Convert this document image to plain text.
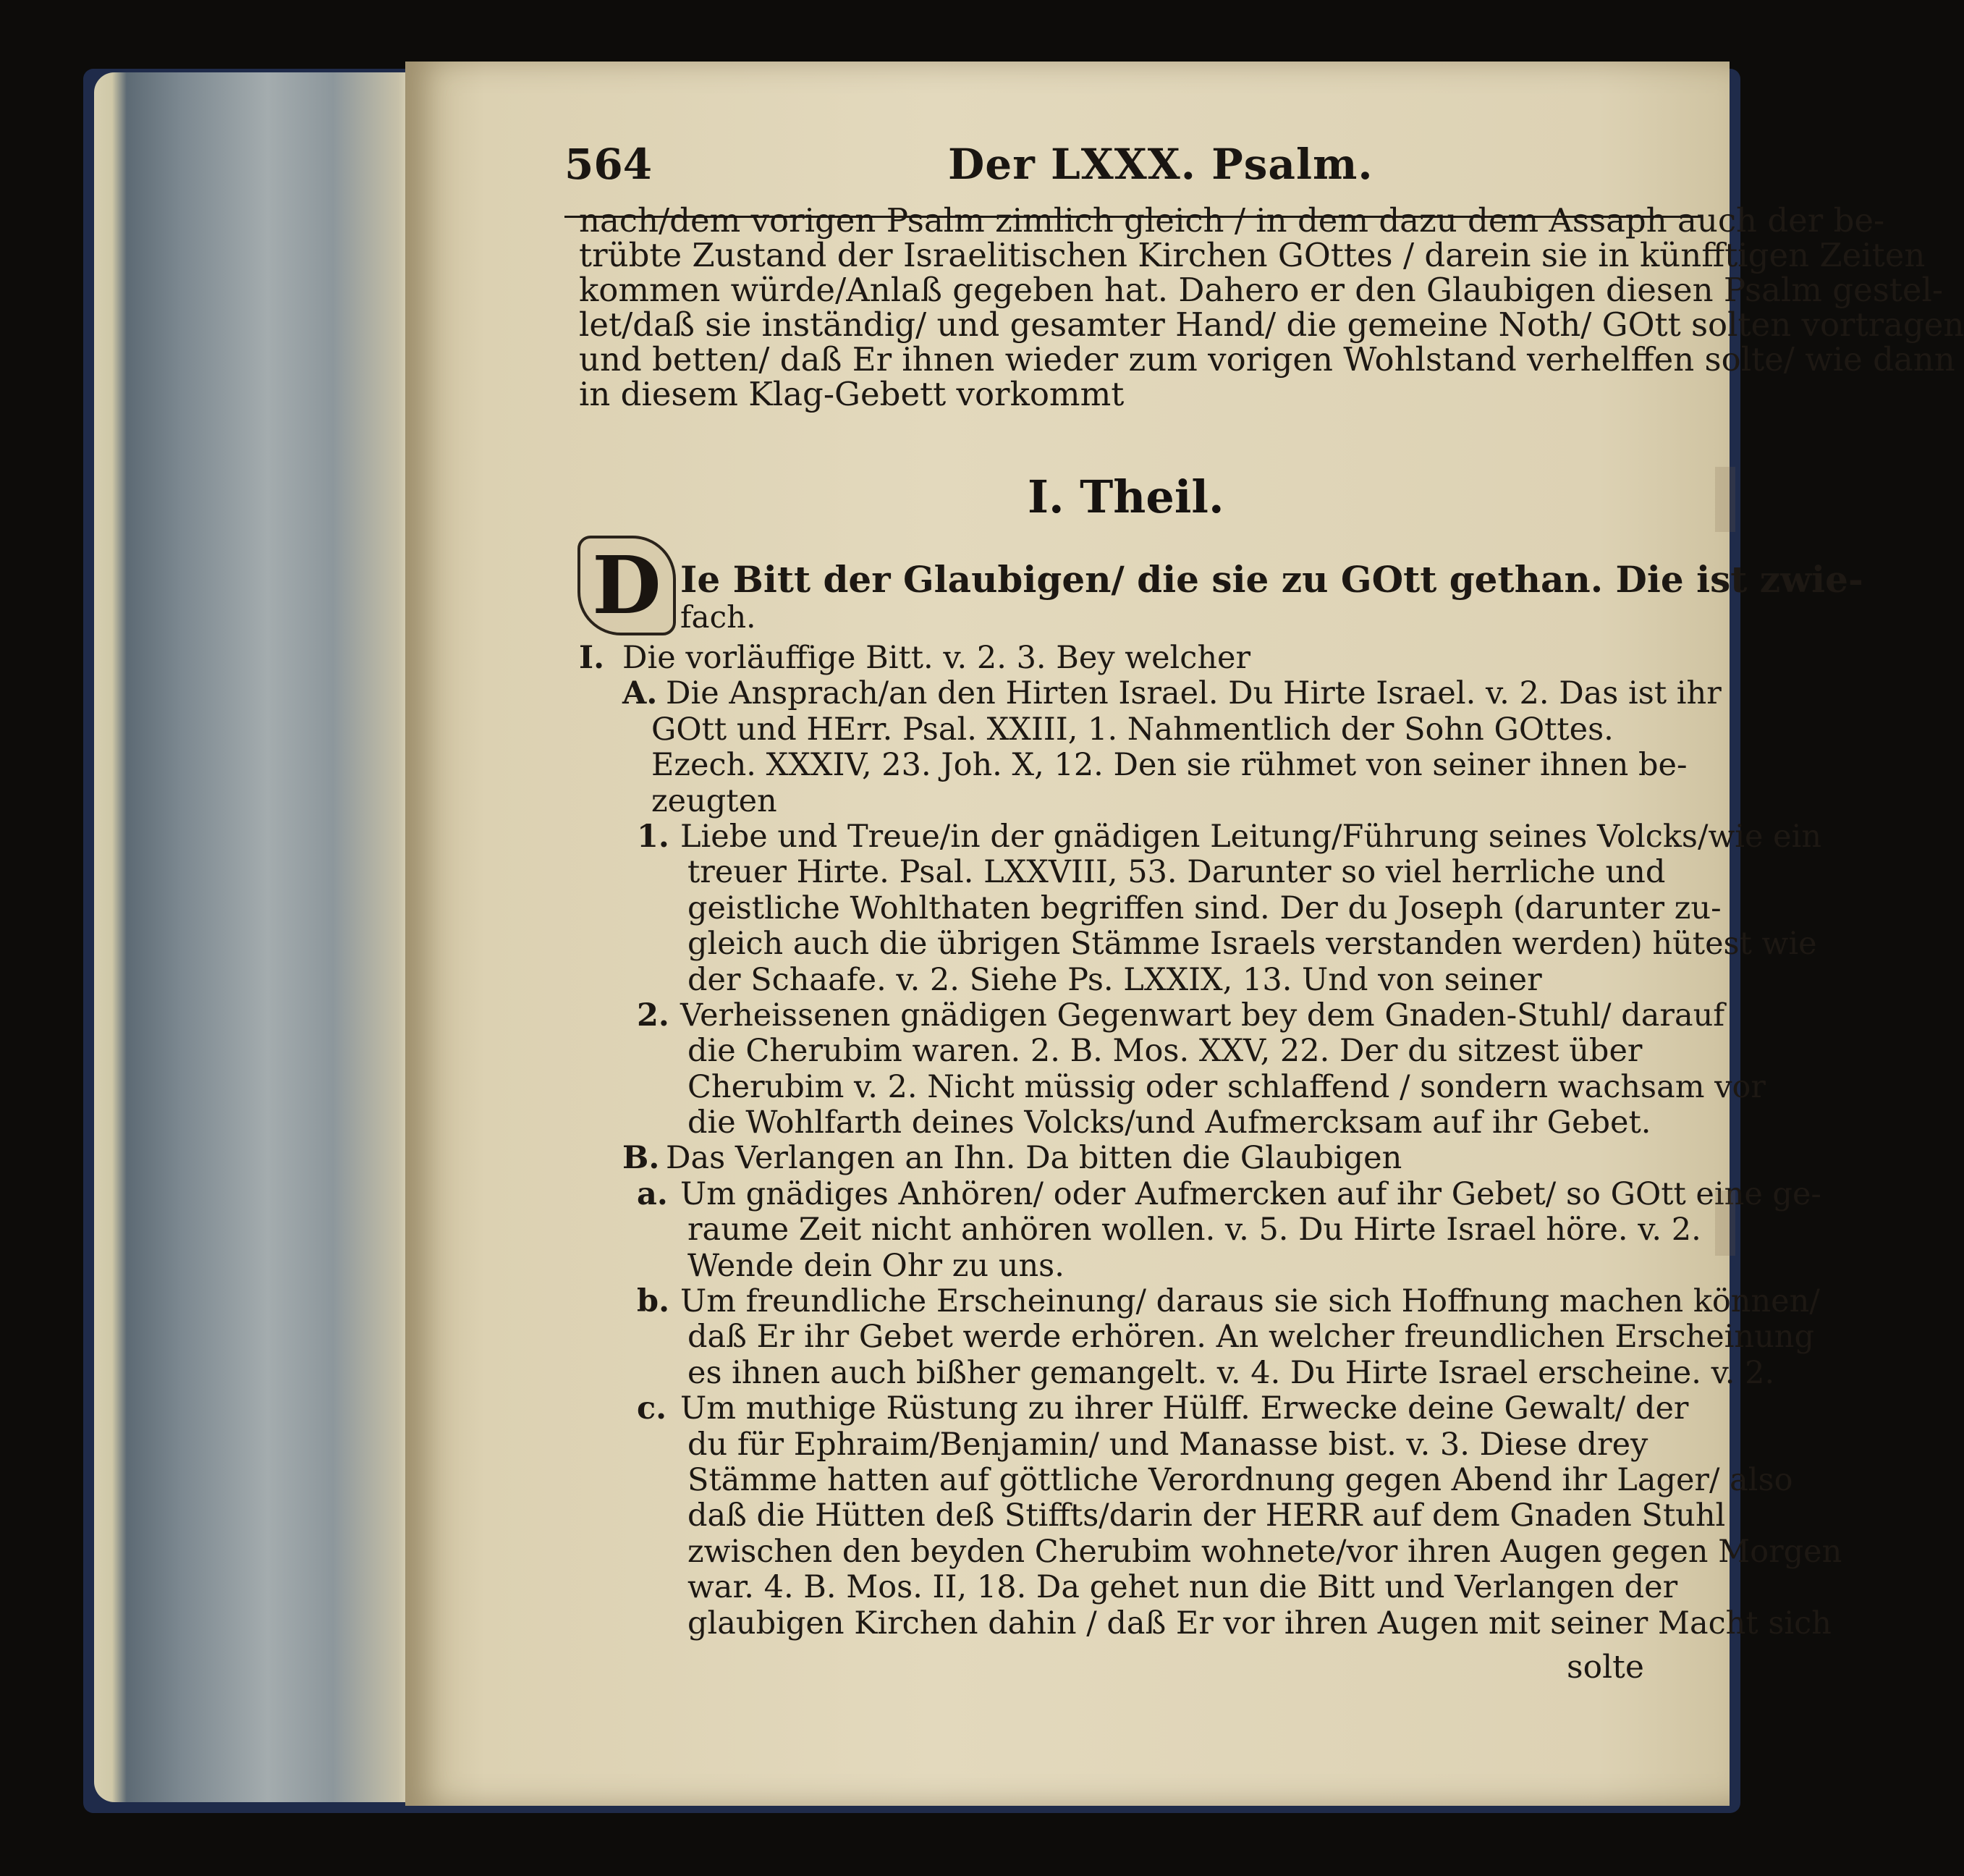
564	Der LXXX. Psalm.
nach/dem vorigen Psalm zimlich gleich / in dem dazu dem Assaph auch der be-
trübte Zustand der Israelitischen Kirchen GOttes / darein sie in künfftigen Zeiten
kommen würde/Anlaß gegeben hat. Dahero er den Glaubigen diesen Psalm gestel-
let/daß sie inständig/ und gesamter Hand/ die gemeine Noth/ GOtt solten vortragen
und betten/ daß Er ihnen wieder zum vorigen Wohlstand verhelffen solte/ wie dann
in diesem Klag-Gebett vorkommt
I. Theil.
D Ie Bitt der Glaubigen/ die sie zu GOtt gethan. Die ist zwie-
fach.
I. Die vorläuffige Bitt. v. 2. 3. Bey welcher
A. Die Ansprach/an den Hirten Israel. Du Hirte Israel. v. 2. Das ist ihr
GOtt und HErr. Psal. XXIII, 1. Nahmentlich der Sohn GOttes.
Ezech. XXXIV, 23. Joh. X, 12. Den sie rühmet von seiner ihnen be-
zeugten
1. Liebe und Treue/in der gnädigen Leitung/Führung seines Volcks/wie ein
treuer Hirte. Psal. LXXVIII, 53. Darunter so viel herrliche und
geistliche Wohlthaten begriffen sind. Der du Joseph (darunter zu-
gleich auch die übrigen Stämme Israels verstanden werden) hütest wie
der Schaafe. v. 2. Siehe Ps. LXXIX, 13. Und von seiner
2. Verheissenen gnädigen Gegenwart bey dem Gnaden-Stuhl/ darauf
die Cherubim waren. 2. B. Mos. XXV, 22. Der du sitzest über
Cherubim v. 2. Nicht müssig oder schlaffend / sondern wachsam vor
die Wohlfarth deines Volcks/und Aufmercksam auf ihr Gebet.
B. Das Verlangen an Ihn. Da bitten die Glaubigen
a. Um gnädiges Anhören/ oder Aufmercken auf ihr Gebet/ so GOtt eine ge-
raume Zeit nicht anhören wollen. v. 5. Du Hirte Israel höre. v. 2.
Wende dein Ohr zu uns.
b. Um freundliche Erscheinung/ daraus sie sich Hoffnung machen können/
daß Er ihr Gebet werde erhören. An welcher freundlichen Erscheinung
es ihnen auch bißher gemangelt. v. 4. Du Hirte Israel erscheine. v. 2.
c. Um muthige Rüstung zu ihrer Hülff. Erwecke deine Gewalt/ der
du für Ephraim/Benjamin/ und Manasse bist. v. 3. Diese drey
Stämme hatten auf göttliche Verordnung gegen Abend ihr Lager/ also
daß die Hütten deß Stiffts/darin der HERR auf dem Gnaden Stuhl
zwischen den beyden Cherubim wohnete/vor ihren Augen gegen Morgen
war. 4. B. Mos. II, 18. Da gehet nun die Bitt und Verlangen der
glaubigen Kirchen dahin / daß Er vor ihren Augen mit seiner Macht sich
solte
